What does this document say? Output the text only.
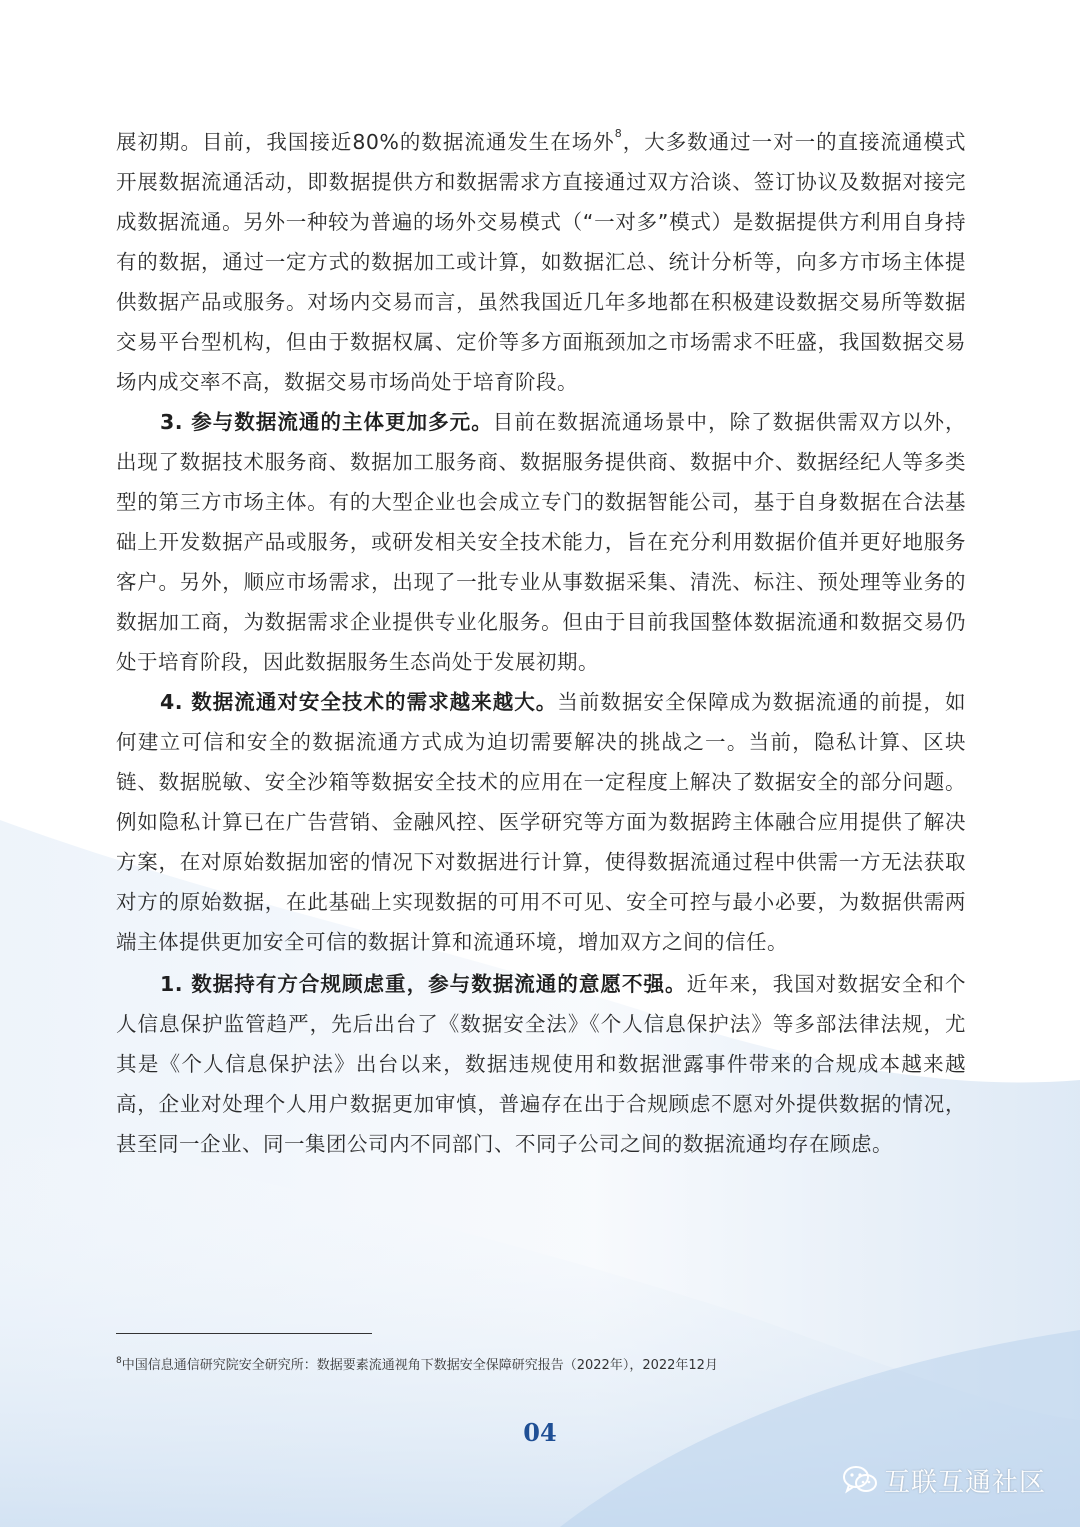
展初期。目前，我国接近80%的数据流通发生在场外$^8$，大多数通过一对一的直接流通模式开展数据流通活动，即数据提供方和数据需求方直接通过双方洽谈、签订协议及数据对接完成数据流通。另外一种较为普遍的场外交易模式（“一对多”模式）是数据提供方利用自身持有的数据，通过一定方式的数据加工或计算，如数据汇总、统计分析等，向多方市场主体提供数据产品或服务。对场内交易而言，虽然我国近几年多地都在积极建设数据交易所等数据交易平台型机构，但由于数据权属、定价等多方面瓶颈加之市场需求不旺盛，我国数据交易场内成交率不高，数据交易市场尚处于培育阶段。

3. 参与数据流通的主体更加多元。目前在数据流通场景中，除了数据供需双方以外，出现了数据技术服务商、数据加工服务商、数据服务提供商、数据中介、数据经纪人等多类型的第三方市场主体。有的大型企业也会成立专门的数据智能公司，基于自身数据在合法基础上开发数据产品或服务，或研发相关安全技术能力，旨在充分利用数据价值并更好地服务客户。另外，顺应市场需求，出现了一批专业从事数据采集、清洗、标注、预处理等业务的数据加工商，为数据需求企业提供专业化服务。但由于目前我国整体数据流通和数据交易仍处于培育阶段，因此数据服务生态尚处于发展初期。

4. 数据流通对安全技术的需求越来越大。当前数据安全保障成为数据流通的前提，如何建立可信和安全的数据流通方式成为迫切需要解决的挑战之一。当前，隐私计算、区块链、数据脱敏、安全沙箱等数据安全技术的应用在一定程度上解决了数据安全的部分问题。例如隐私计算已在广告营销、金融风控、医学研究等方面为数据跨主体融合应用提供了解决方案，在对原始数据加密的情况下对数据进行计算，使得数据流通过程中供需一方无法获取对方的原始数据，在此基础上实现数据的可用不可见、安全可控与最小必要，为数据供需两端主体提供更加安全可信的数据计算和流通环境，增加双方之间的信任。

1. 数据持有方合规顾虑重，参与数据流通的意愿不强。近年来，我国对数据安全和个人信息保护监管趋严，先后出台了《数据安全法》《个人信息保护法》等多部法律法规，尤其是《个人信息保护法》出台以来，数据违规使用和数据泄露事件带来的合规成本越来越高，企业对处理个人用户数据更加审慎，普遍存在出于合规顾虑不愿对外提供数据的情况，甚至同一企业、同一集团公司内不同部门、不同子公司之间的数据流通均存在顾虑。

$^8$中国信息通信研究院安全研究所：数据要素流通视角下数据安全保障研究报告（2022年），2022年12月
04
互联互通社区
